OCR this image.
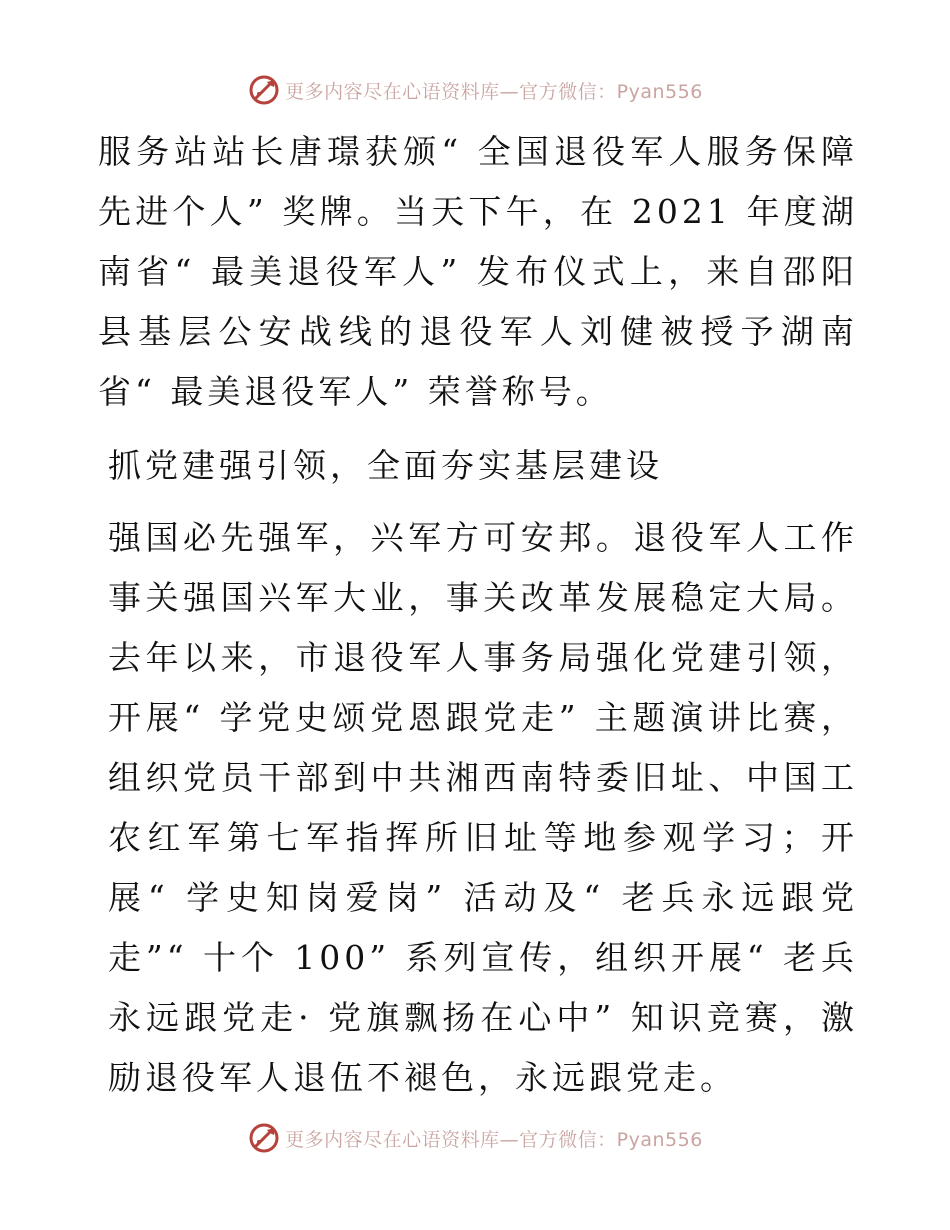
更多内容尽在心语资料库—官方微信：Pyan556

服务站站长唐璟获颁“ 全国退役军人服务保障先进个人” 奖牌。当天下午，在 2021 年度湖南省“ 最美退役军人” 发布仪式上，来自邵阳县基层公安战线的退役军人刘健被授予湖南省“ 最美退役军人” 荣誉称号。

抓党建强引领，全面夯实基层建设

强国必先强军，兴军方可安邦。退役军人工作事关强国兴军大业，事关改革发展稳定大局。去年以来，市退役军人事务局强化党建引领，开展“ 学党史颂党恩跟党走” 主题演讲比赛，组织党员干部到中共湘西南特委旧址、中国工农红军第七军指挥所旧址等地参观学习；开展“ 学史知岗爱岗” 活动及“ 老兵永远跟党走”“ 十个 100” 系列宣传，组织开展“ 老兵永远跟党走· 党旗飘扬在心中” 知识竞赛，激励退役军人退伍不褪色，永远跟党走。

更多内容尽在心语资料库—官方微信：Pyan556
